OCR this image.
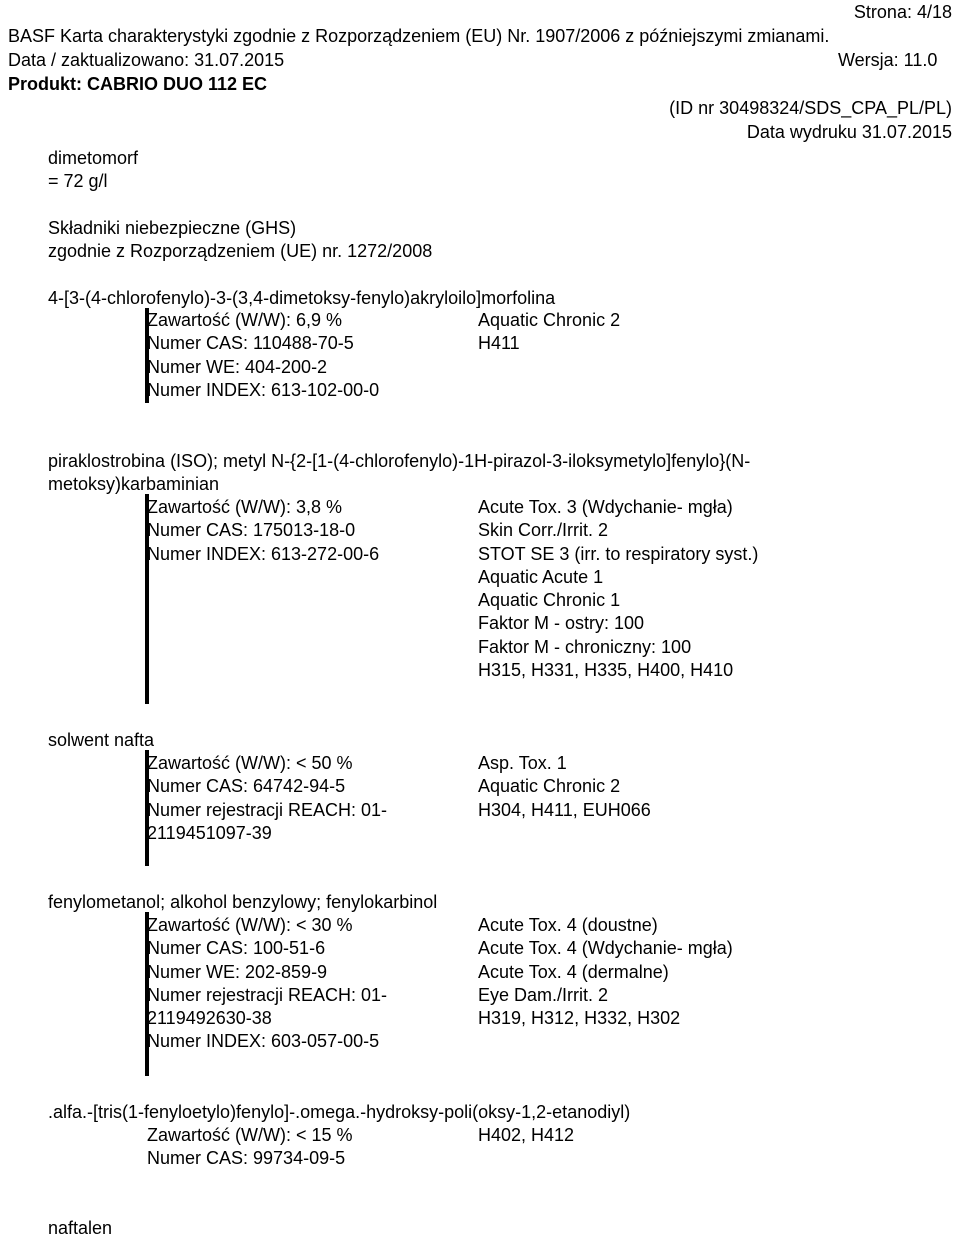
Strona: 4/18
BASF Karta charakterystyki zgodnie z Rozporządzeniem (EU) Nr. 1907/2006 z późniejszymi zmianami.
Data / zaktualizowano: 31.07.2015	Wersja: 11.0
Produkt: CABRIO DUO 112 EC
(ID nr 30498324/SDS_CPA_PL/PL)
Data wydruku 31.07.2015
dimetomorf
= 72 g/l
Składniki niebezpieczne (GHS)
zgodnie z Rozporządzeniem (UE) nr. 1272/2008
4-[3-(4-chlorofenylo)-3-(3,4-dimetoksy-fenylo)akryloilo]morfolina
Zawartość (W/W): 6,9 %
Numer CAS: 110488-70-5
Numer WE: 404-200-2
Numer INDEX: 613-102-00-0
Aquatic Chronic 2
H411
piraklostrobina (ISO); metyl N-{2-[1-(4-chlorofenylo)-1H-pirazol-3-iloksymetylo]fenylo}(N-
metoksy)karbaminian
Zawartość (W/W): 3,8 %
Numer CAS: 175013-18-0
Numer INDEX: 613-272-00-6
Acute Tox. 3 (Wdychanie- mgła)
Skin Corr./Irrit. 2
STOT SE 3 (irr. to respiratory syst.)
Aquatic Acute 1
Aquatic Chronic 1
Faktor M - ostry: 100
Faktor M - chroniczny: 100
H315, H331, H335, H400, H410
solwent nafta
Zawartość (W/W): < 50 %
Numer CAS: 64742-94-5
Numer rejestracji REACH: 01-
2119451097-39
Asp. Tox. 1
Aquatic Chronic 2
H304, H411, EUH066
fenylometanol; alkohol benzylowy; fenylokarbinol
Zawartość (W/W): < 30 %
Numer CAS: 100-51-6
Numer WE: 202-859-9
Numer rejestracji REACH: 01-
2119492630-38
Numer INDEX: 603-057-00-5
Acute Tox. 4 (doustne)
Acute Tox. 4 (Wdychanie- mgła)
Acute Tox. 4 (dermalne)
Eye Dam./Irrit. 2
H319, H312, H332, H302
.alfa.-[tris(1-fenyloetylo)fenylo]-.omega.-hydroksy-poli(oksy-1,2-etanodiyl)
Zawartość (W/W): < 15 %
Numer CAS: 99734-09-5
H402, H412
naftalen
